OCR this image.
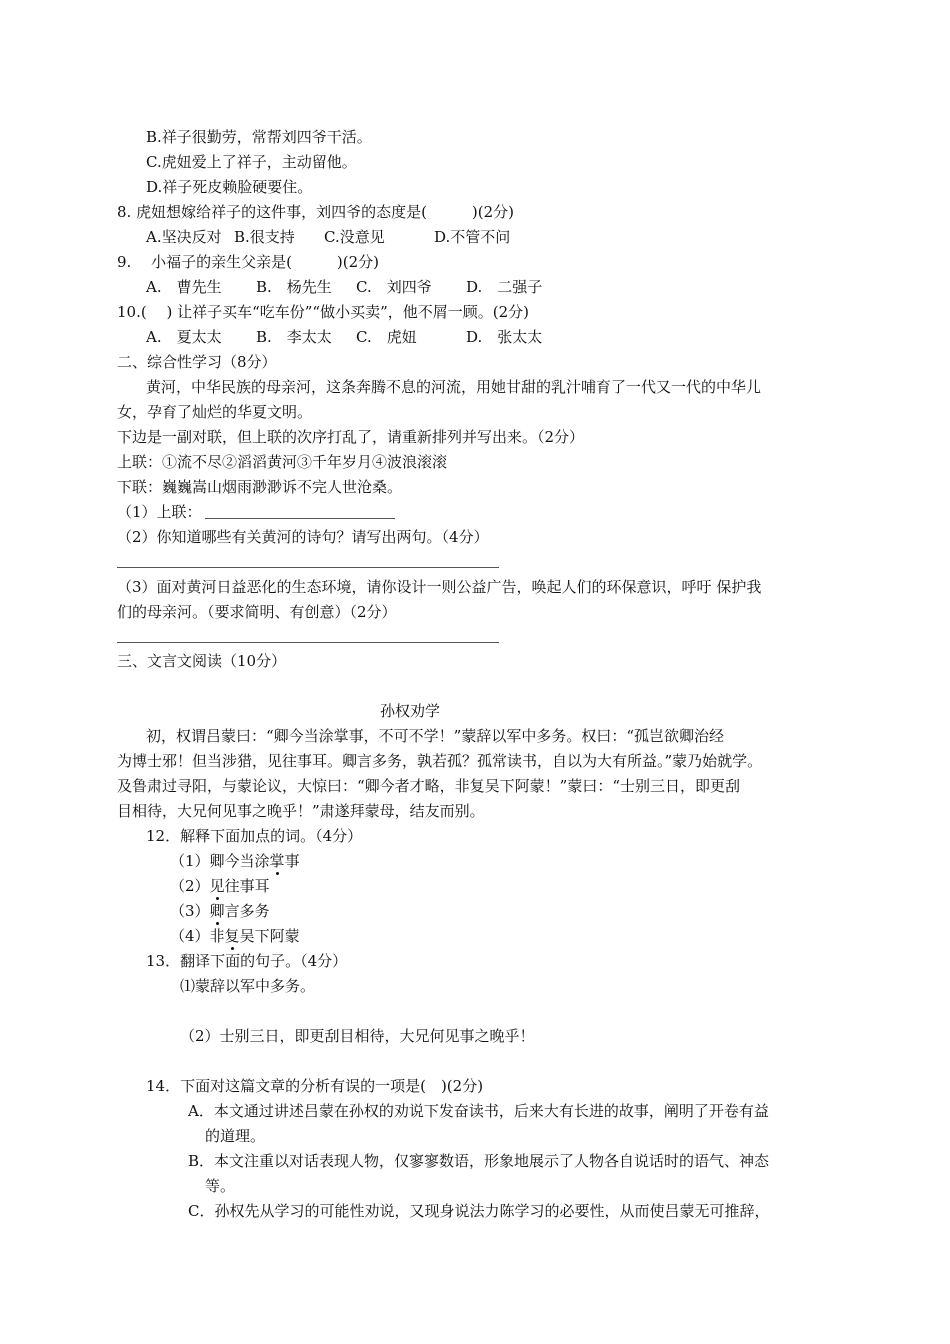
B.祥子很勤劳，常帮刘四爷干活。
C.虎妞爱上了祥子，主动留他。
D.祥子死皮赖脸硬要住。
8. 虎妞想嫁给祥子的这件事，刘四爷的态度是(　　　)(2分)
A.坚决反对 B.很支持 C.没意见	D.不管不问
9.　 小福子的亲生父亲是(　　　)(2分)
A.　曹先生 B.　杨先生 C.　刘四爷 D.　二强子
10.(　 ) 让祥子买车“吃车份”“做小买卖”，他不屑一顾。(2分)
A.　夏太太 B.　李太太 C.　虎妞	D.　张太太
二、综合性学习（8分）
黄河，中华民族的母亲河，这条奔腾不息的河流，用她甘甜的乳汁哺育了一代又一代的中华儿
女，孕育了灿烂的华夏文明。
下边是一副对联，但上联的次序打乱了，请重新排列并写出来。（2分）
上联：①流不尽②滔滔黄河③千年岁月④波浪滚滚
下联：巍巍嵩山烟雨渺渺诉不完人世沧桑。
（1）上联：
（2）你知道哪些有关黄河的诗句？请写出两句。（4分）
（3）面对黄河日益恶化的生态环境，请你设计一则公益广告，唤起人们的环保意识，呼吁 保护我
们的母亲河。（要求简明、有创意）（2分）
三、文言文阅读（10分）
孙权劝学
初，权谓吕蒙曰：“卿今当涂掌事，不可不学！”蒙辞以军中多务。权曰：“孤岂欲卿治经
为博士邪！但当涉猎，见往事耳。卿言多务，孰若孤？孤常读书，自以为大有所益。”蒙乃始就学。
及鲁肃过寻阳，与蒙论议，大惊曰：“卿今者才略，非复吴下阿蒙！”蒙曰：“士别三日，即更刮
目相待，大兄何见事之晚乎！”肃遂拜蒙母，结友而别。
12．解释下面加点的词。（4分）
（1）卿今当涂掌事
（2）见往事耳
（3）卿言多务
（4）非复吴下阿蒙
13．翻译下面的句子。（4分）
⑴蒙辞以军中多务。
（2）士别三日，即更刮目相待，大兄何见事之晚乎！
14．下面对这篇文章的分析有误的一项是(　)(2分)
A．本文通过讲述吕蒙在孙权的劝说下发奋读书，后来大有长进的故事，阐明了开卷有益
的道理。
B．本文注重以对话表现人物，仅寥寥数语，形象地展示了人物各自说话时的语气、神态
等。
C．孙权先从学习的可能性劝说，又现身说法力陈学习的必要性，从而使吕蒙无可推辞，
